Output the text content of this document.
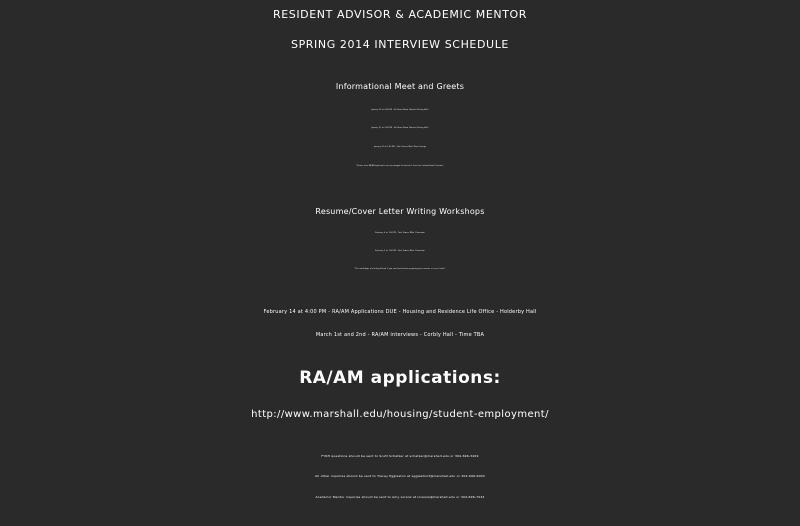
RESIDENT ADVISOR & ACADEMIC MENTOR
SPRING 2014 INTERVIEW SCHEDULE
Informational Meet and Greets
January 20 at 8:00 PM - Ed Grose Room (Harless Dining Hall)
January 21 at 9:00 PM - Ed Grose Room (Harless Dining Hall)
January 22 at 1:00 PM - Twin Towers West Glass Lounge
*Please note RA/AM applicants are encouraged to attend at least one Informational Session*
Resume/Cover Letter Writing Workshops
February 4 at 1:00 PM - Twin Towers WEst Classroom
February 5 at 7:00 PM - Twin Towers West Classroom
*The workshops are being offered if you need assistance preparing your resume or cover letter*
February 14 at 4:00 PM - RA/AM Applications DUE - Housing and Residence Life Office - Holderby Hall
March 1st and 2nd - RA/AM interviews - Corbly Hall - Time TBA
RA/AM applications:
http://www.marshall.edu/housing/student-employment/
FYRH questions should be sent to Scott Schatzer at schatzer@marshall.edu or 304-696-3409
All other inquiries should be sent to Tracey Eggleston at eggleston3@marshall.edu or 304-696-6004
Academic Mentor inquiries should be sent to Amy Lorenz at lorenza@marshall.edu or 304-696-7034
